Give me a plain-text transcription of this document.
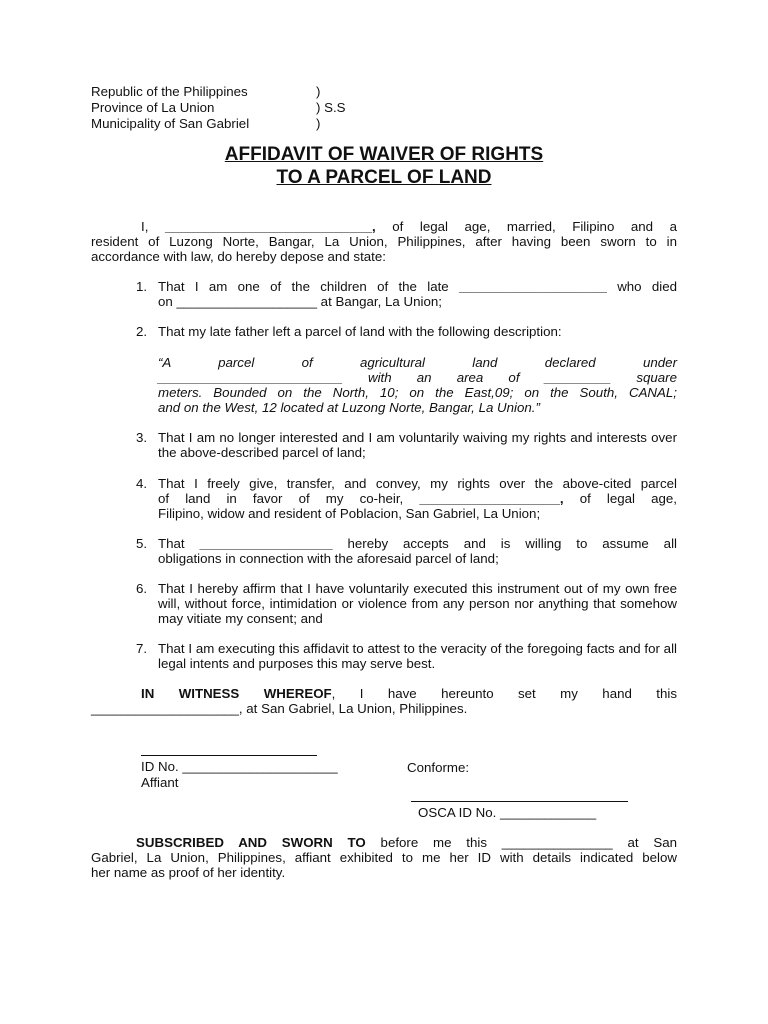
Republic of the Philippines	)
Province of La Union	) S.S
Municipality of San Gabriel	)
AFFIDAVIT OF WAIVER OF RIGHTS
TO A PARCEL OF LAND
I, ____________________________, of legal age, married, Filipino and a
resident of Luzong Norte, Bangar, La Union, Philippines, after having been sworn to in
accordance with law, do hereby depose and state:
1. That I am one of the children of the late ____________________ who died
on ___________________ at Bangar, La Union;
2. That my late father left a parcel of land with the following description:
“A parcel of agricultural land declared under
_________________________ with an area of _________ square
meters. Bounded on the North, 10; on the East,09; on the South, CANAL;
and on the West, 12 located at Luzong Norte, Bangar, La Union.”
3. That I am no longer interested and I am voluntarily waiving my rights and interests over the above-described parcel of land;
4. That I freely give, transfer, and convey, my rights over the above-cited parcel
of land in favor of my co-heir, ___________________, of legal age,
Filipino, widow and resident of Poblacion, San Gabriel, La Union;
5. That __________________ hereby accepts and is willing to assume all
obligations in connection with the aforesaid parcel of land;
6. That I hereby affirm that I have voluntarily executed this instrument out of my own free will, without force, intimidation or violence from any person nor anything that somehow may vitiate my consent; and
7. That I am executing this affidavit to attest to the veracity of the foregoing facts and for all legal intents and purposes this may serve best.
IN WITNESS WHEREOF, I have hereunto set my hand this
____________________, at San Gabriel, La Union, Philippines.
ID No. _____________________
Affiant
Conforme:
OSCA ID No. _____________
SUBSCRIBED AND SWORN TO before me this _______________ at San
Gabriel, La Union, Philippines, affiant exhibited to me her ID with details indicated below
her name as proof of her identity.
